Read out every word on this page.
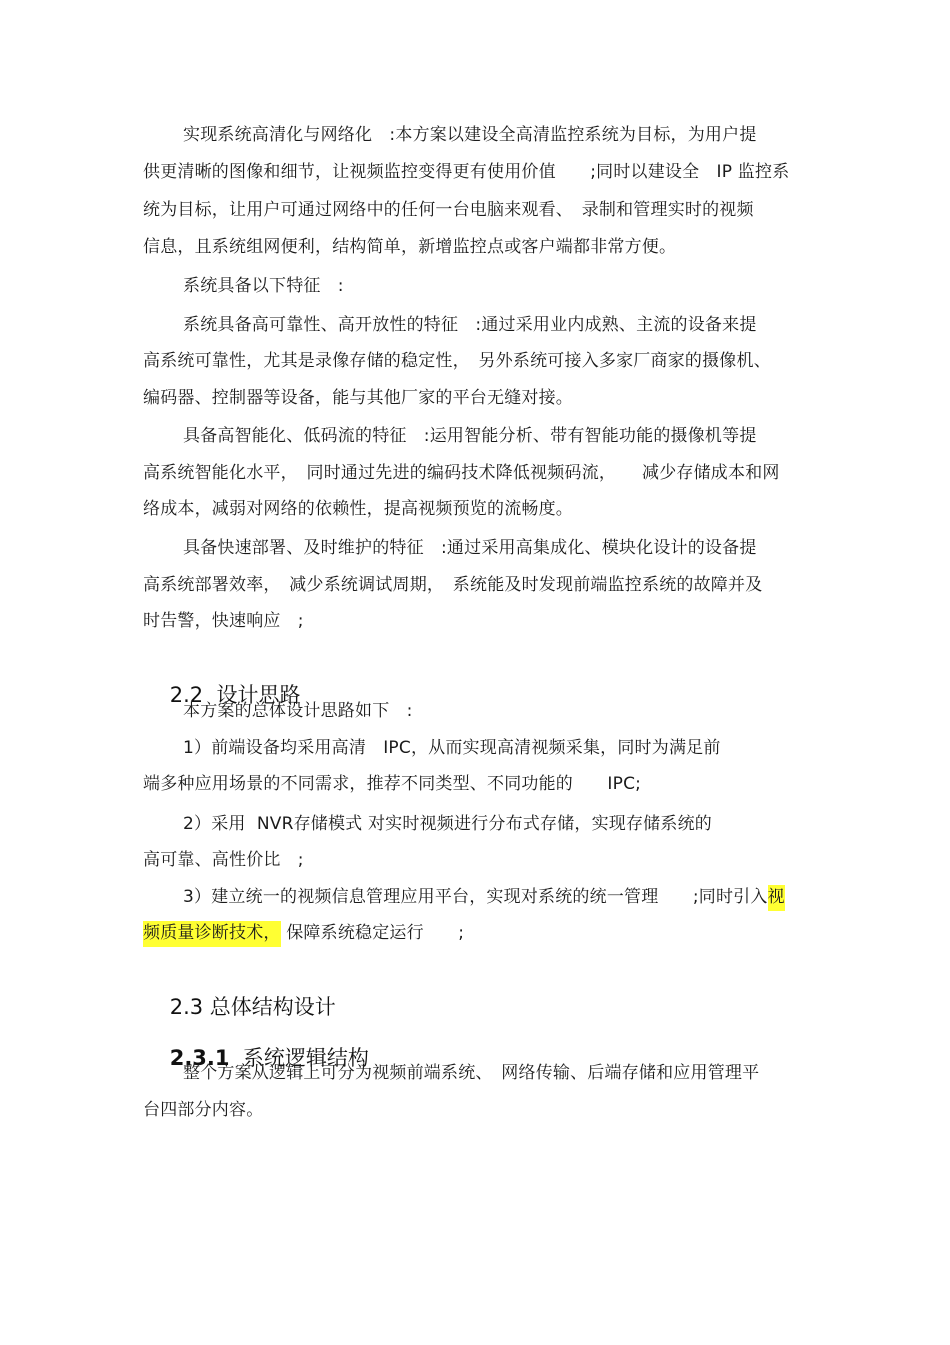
实现系统高清化与网络化　:本方案以建设全高清监控系统为目标，为用户提
供更清晰的图像和细节，让视频监控变得更有使用价值　　;同时以建设全　IP 监控系
统为目标，让用户可通过网络中的任何一台电脑来观看、　录制和管理实时的视频
信息，且系统组网便利，结构简单，新增监控点或客户端都非常方便。
系统具备以下特征　:
系统具备高可靠性、高开放性的特征　:通过采用业内成熟、主流的设备来提
高系统可靠性，尤其是录像存储的稳定性，　另外系统可接入多家厂商家的摄像机、
编码器、控制器等设备，能与其他厂家的平台无缝对接。
具备高智能化、低码流的特征　:运用智能分析、带有智能功能的摄像机等提
高系统智能化水平，　同时通过先进的编码技术降低视频码流，　　减少存储成本和网
络成本，减弱对网络的依赖性，提高视频预览的流畅度。
具备快速部署、及时维护的特征　:通过采用高集成化、模块化设计的设备提
高系统部署效率，　减少系统调试周期，　系统能及时发现前端监控系统的故障并及
时告警，快速响应　;

2.2 设计思路

本方案的总体设计思路如下　:
1）前端设备均采用高清　IPC，从而实现高清视频采集，同时为满足前
端多种应用场景的不同需求，推荐不同类型、不同功能的　　IPC;
2）采用  NVR存储模式 对实时视频进行分布式存储，实现存储系统的
高可靠、高性价比　;
3）建立统一的视频信息管理应用平台，实现对系统的统一管理　　;同时引入视
频质量诊断技术， 保障系统稳定运行　　;

2.3 总体结构设计

2.3.1 系统逻辑结构

整个方案从逻辑上可分为视频前端系统、　网络传输、后端存储和应用管理平
台四部分内容。
